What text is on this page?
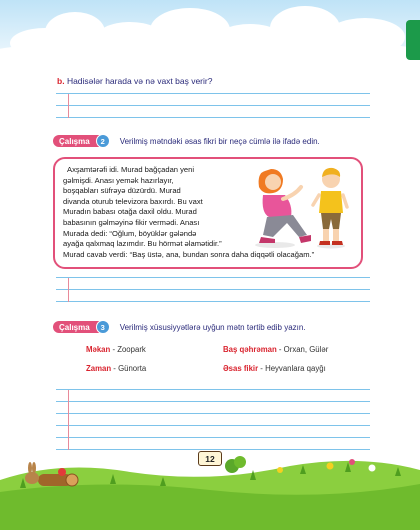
b. Hadisələr harada və nə vaxt baş verir?
Çalışma	2	Verilmiş mətndəki əsas fikri bir neçə cümlə ilə ifadə edin.
Axşamtərəfi idi. Murad bağçadan yeni
gəlmişdi. Anası yemək hazırlayır,
boşqabları süfrəyə düzürdü. Murad
divanda oturub televizora baxırdı. Bu vaxt
Muradın babası otağa daxil oldu. Murad
babasının gəlməyinə fikir vermədi. Anası
Murada dedi: “Oğlum, böyüklər gələndə
ayağa qalxmaq lazımdır. Bu hörmət əlamətidir.”
Murad cavab verdi: “Baş üstə, ana, bundan sonra daha diqqətli olacağam.”
Çalışma	3	Verilmiş xüsusiyyətlərə uyğun mətn tərtib edib yazın.
Məkan - Zoopark	Baş qəhrəman - Orxan, Gülər
Zaman - Günorta	Əsas fikir - Heyvanlara qayğı
12
